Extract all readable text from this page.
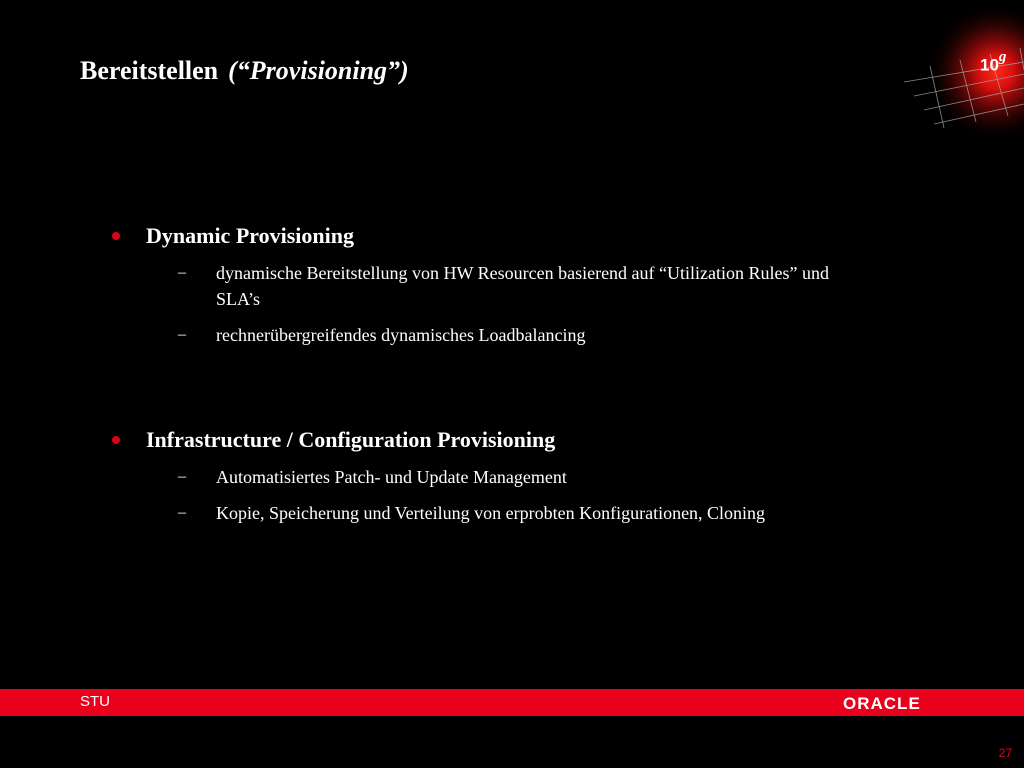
Bereitstellen (“Provisioning”)	10$^g$
Dynamic Provisioning
– dynamische Bereitstellung von HW Resourcen basierend auf “Utilization Rules” und SLA’s
– rechnerübergreifendes dynamisches Loadbalancing
Infrastructure / Configuration Provisioning
– Automatisiertes Patch- und Update Management
– Kopie, Speicherung und Verteilung von erprobten Konfigurationen, Cloning
STU	ORACLE
27
